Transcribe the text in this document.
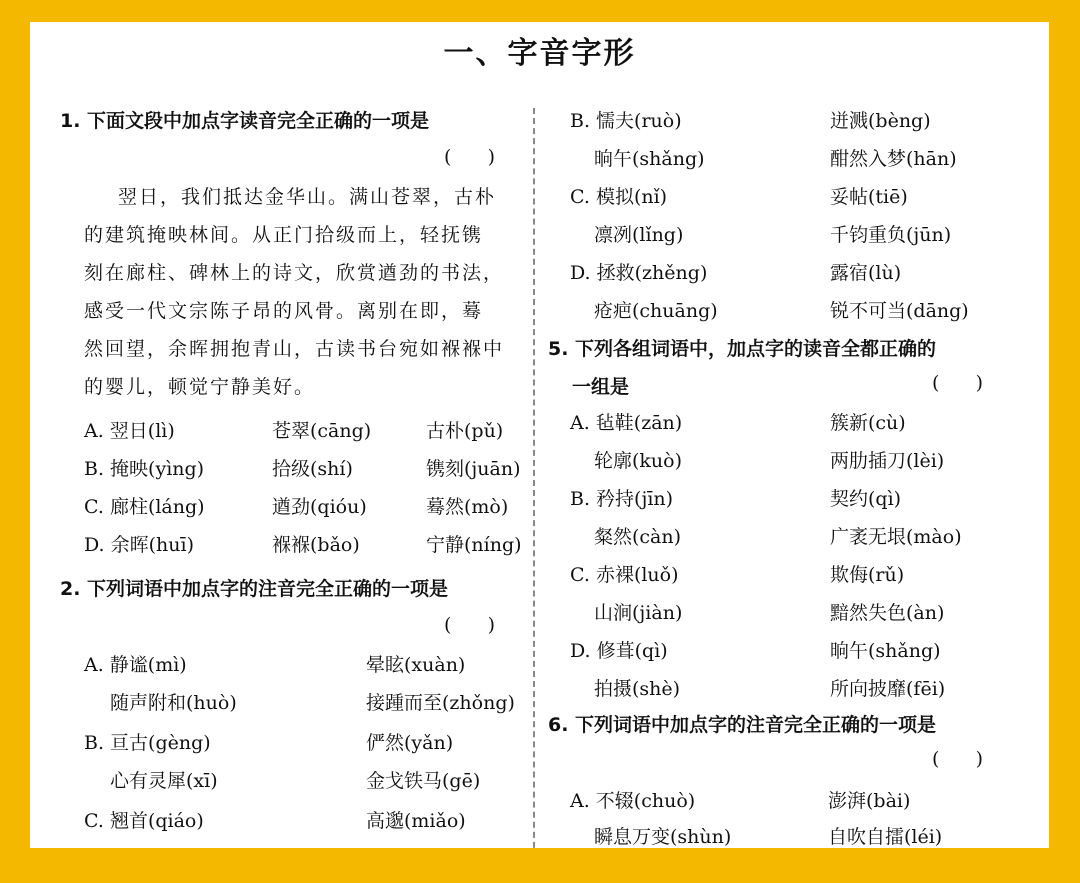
一、字音字形
1. 下面文段中加点字读音完全正确的一项是
(      )
翌日，我们抵达金华山。满山苍翠，古朴
的建筑掩映林间。从正门拾级而上，轻抚镌
刻在廊柱、碑林上的诗文，欣赏遒劲的书法，
感受一代文宗陈子昂的风骨。离别在即，蓦
然回望，余晖拥抱青山，古读书台宛如褓褓中
的婴儿，顿觉宁静美好。
A. 翌日(lì)	苍翠(cāng)	古朴(pǔ)
B. 掩映(yìng)	拾级(shí)	镌刻(juān)
C. 廊柱(láng)	遒劲(qióu)	蓦然(mò)
D. 余晖(huī)	褓褓(bǎo)	宁静(níng)
2. 下列词语中加点字的注音完全正确的一项是
(      )
A. 静谧(mì)	晕眩(xuàn)
随声附和(huò)	接踵而至(zhǒng)
B. 亘古(gèng)	俨然(yǎn)
心有灵犀(xī)	金戈铁马(gē)
C. 翘首(qiáo)	高邈(miǎo)
B. 懦夫(ruò)	迸溅(bèng)
晌午(shǎng)	酣然入梦(hān)
C. 模拟(nǐ)	妥帖(tiē)
凛冽(lǐng)	千钧重负(jūn)
D. 拯救(zhěng)	露宿(lù)
疮疤(chuāng)	锐不可当(dāng)
5. 下列各组词语中，加点字的读音全都正确的
一组是	(      )
A. 毡鞋(zān)	簇新(cù)
轮廓(kuò)	两肋插刀(lèi)
B. 矜持(jīn)	契约(qì)
粲然(càn)	广袤无垠(mào)
C. 赤裸(luǒ)	欺侮(rǔ)
山涧(jiàn)	黯然失色(àn)
D. 修葺(qì)	晌午(shǎng)
拍摄(shè)	所向披靡(fēi)
6. 下列词语中加点字的注音完全正确的一项是
(      )
A. 不辍(chuò)	澎湃(bài)
瞬息万变(shùn)	自吹自擂(léi)
